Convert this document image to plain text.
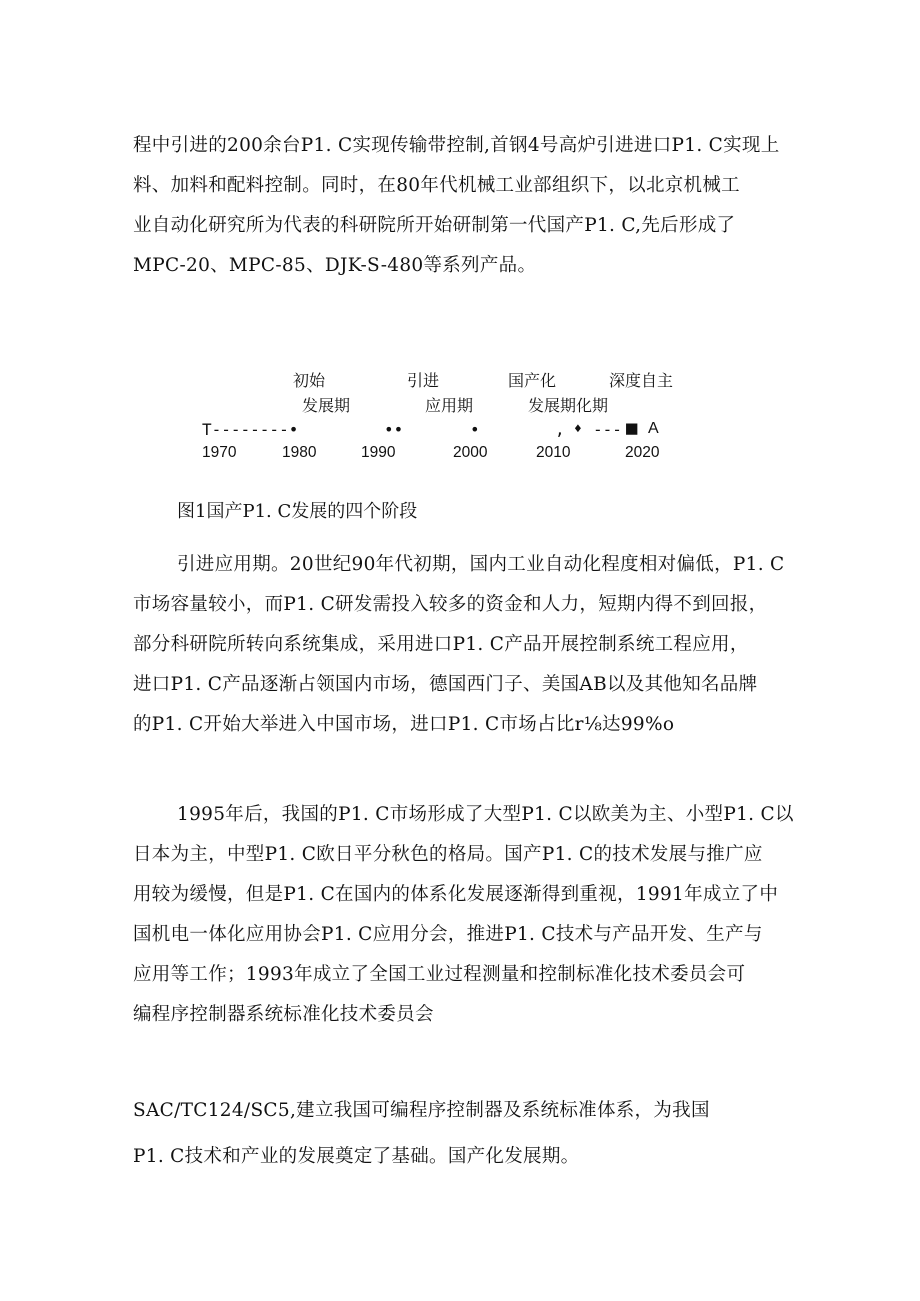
程中引进的200余台P1. C实现传输带控制,首钢4号高炉引进进口P1. C实现上
料、加料和配料控制。同时，在80年代机械工业部组织下，以北京机械工
业自动化研究所为代表的科研院所开始研制第一代国产P1. C,先后形成了
MPC-20、MPC-85、DJK-S-480等系列产品。

初始
发展期
引进
应用期
国产化
发展期化期
深度自主
T--------•	••	•	, ♦ --- ■ A
1970	1980	1990	2000	2010	2020
图1国产P1. C发展的四个阶段

引进应用期。20世纪90年代初期，国内工业自动化程度相对偏低，P1. C
市场容量较小，而P1. C研发需投入较多的资金和人力，短期内得不到回报，
部分科研院所转向系统集成，采用进口P1. C产品开展控制系统工程应用，
进口P1. C产品逐渐占领国内市场，德国西门子、美国AB以及其他知名品牌
的P1. C开始大举进入中国市场，进口P1. C市场占比r⅛达99%o

1995年后，我国的P1. C市场形成了大型P1. C以欧美为主、小型P1. C以
日本为主，中型P1. C欧日平分秋色的格局。国产P1. C的技术发展与推广应
用较为缓慢，但是P1. C在国内的体系化发展逐渐得到重视，1991年成立了中
国机电一体化应用协会P1. C应用分会，推进P1. C技术与产品开发、生产与
应用等工作；1993年成立了全国工业过程测量和控制标准化技术委员会可
编程序控制器系统标准化技术委员会

SAC/TC124/SC5,建立我国可编程序控制器及系统标准体系，为我国
P1. C技术和产业的发展奠定了基础。国产化发展期。
